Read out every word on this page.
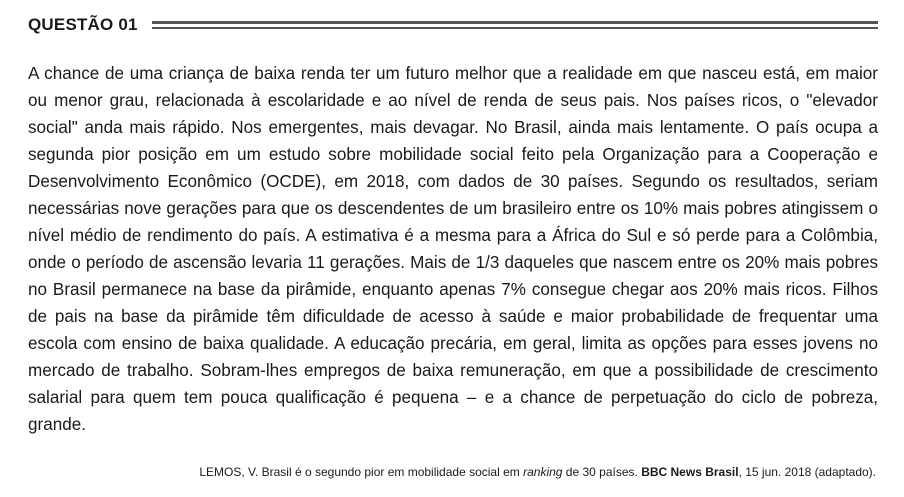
QUESTÃO 01

A chance de uma criança de baixa renda ter um futuro melhor que a realidade em que nasceu está, em maior ou menor grau, relacionada à escolaridade e ao nível de renda de seus pais. Nos países ricos, o "elevador social" anda mais rápido. Nos emergentes, mais devagar. No Brasil, ainda mais lentamente. O país ocupa a segunda pior posição em um estudo sobre mobilidade social feito pela Organização para a Cooperação e Desenvolvimento Econômico (OCDE), em 2018, com dados de 30 países. Segundo os resultados, seriam necessárias nove gerações para que os descendentes de um brasileiro entre os 10% mais pobres atingissem o nível médio de rendimento do país. A estimativa é a mesma para a África do Sul e só perde para a Colômbia, onde o período de ascensão levaria 11 gerações. Mais de 1/3 daqueles que nascem entre os 20% mais pobres no Brasil permanece na base da pirâmide, enquanto apenas 7% consegue chegar aos 20% mais ricos. Filhos de pais na base da pirâmide têm dificuldade de acesso à saúde e maior probabilidade de frequentar uma escola com ensino de baixa qualidade. A educação precária, em geral, limita as opções para esses jovens no mercado de trabalho. Sobram-lhes empregos de baixa remuneração, em que a possibilidade de crescimento salarial para quem tem pouca qualificação é pequena – e a chance de perpetuação do ciclo de pobreza, grande.

LEMOS, V. Brasil é o segundo pior em mobilidade social em ranking de 30 países. BBC News Brasil, 15 jun. 2018 (adaptado).
